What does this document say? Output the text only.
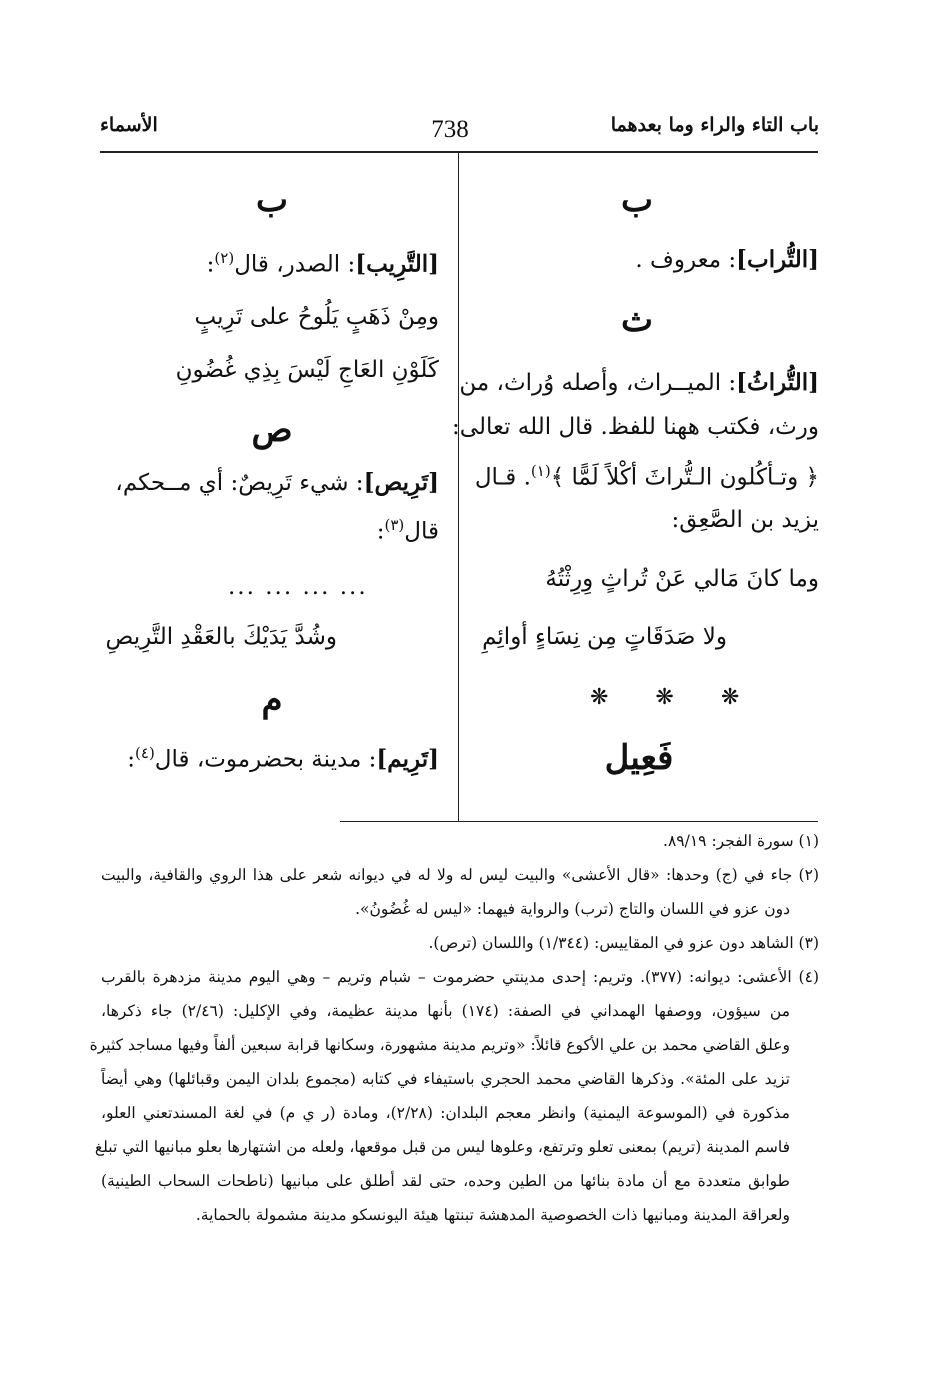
باب التاء والراء وما بعدهما
738
الأسماء
ب
[التُّراب]: معروف .
ث
[التُّراثُ]: الميــراث، وأصله وُراث، من
ورث، فكتب ههنا للفظ. قال الله تعالى:
﴿ وتـأكُلون الـتُّراثَ أكْلاً لَمًّا ﴾$^{(١)}$. قـال
يزيد بن الصَّعِق:
وما كانَ مَالي عَنْ تُراثٍ وِرِثْتُهُ
ولا صَدَقَاتٍ مِن نِسَاءٍ أوائِمِ
❋ ❋ ❋
فَعِيل
ب
[التَّرِيب]: الصدر، قال$^{(٢)}$:
ومِنْ ذَهَبٍ يَلُوحُ على تَرِيبٍ
كَلَوْنِ العَاجِ لَيْسَ بِذِي غُضُونِ
ص
[تَرِيص]: شيء تَرِيصٌ: أي مــحكم،
قال$^{(٣)}$:
... ... ... ...
وشُدَّ يَدَيْكَ بالعَقْدِ التَّرِيصِ
م
[تَرِيم]: مدينة بحضرموت، قال$^{(٤)}$:
(١) سورة الفجر: ٨٩/١٩.
(٢) جاء في (ج) وحدها: «قال الأعشى» والبيت ليس له ولا له في ديوانه شعر على هذا الروي والقافية، والبيت
دون عزو في اللسان والتاج (ترب) والرواية فيهما: «ليس له غُضُونُ».
(٣) الشاهد دون عزو في المقاييس: (١/٣٤٤) واللسان (ترص).
(٤) الأعشى: ديوانه: (٣٧٧). وتريم: إحدى مدينتي حضرموت – شبام وتريم – وهي اليوم مدينة مزدهرة بالقرب
من سيؤون، ووصفها الهمداني في الصفة: (١٧٤) بأنها مدينة عظيمة، وفي الإكليل: (٢/٤٦) جاء ذكرها،
وعلق القاضي محمد بن علي الأكوع قائلاً: «وتريم مدينة مشهورة، وسكانها قرابة سبعين ألفاً وفيها مساجد كثيرة
تزيد على المئة». وذكرها القاضي محمد الحجري باستيفاء في كتابه (مجموع بلدان اليمن وقبائلها) وهي أيضاً
مذكورة في (الموسوعة اليمنية) وانظر معجم البلدان: (٢/٢٨)، ومادة (ر ي م) في لغة المسندتعني العلو،
فاسم المدينة (تريم) بمعنى تعلو وترتفع، وعلوها ليس من قبل موقعها، ولعله من اشتهارها بعلو مبانيها التي تبلغ
طوابق متعددة مع أن مادة بنائها من الطين وحده، حتى لقد أطلق على مبانيها (ناطحات السحاب الطينية)
ولعراقة المدينة ومبانيها ذات الخصوصية المدهشة تبنتها هيئة اليونسكو مدينة مشمولة بالحماية.
